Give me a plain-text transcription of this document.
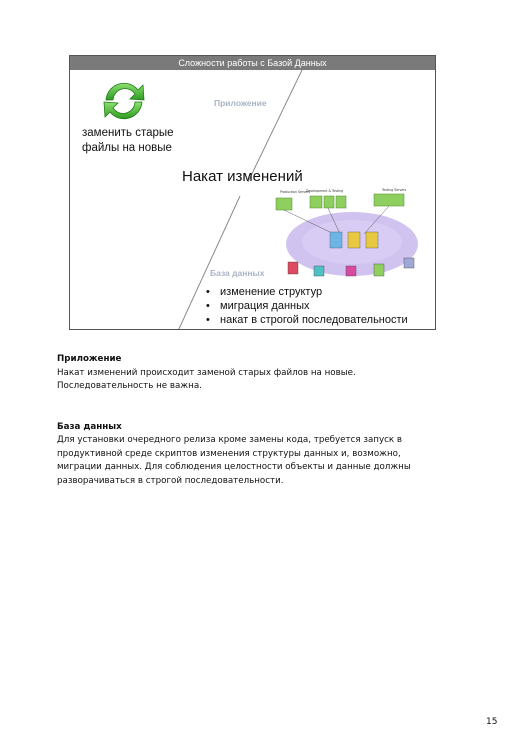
Сложности работы с Базой Данных
заменить старые
файлы на новые
Приложение
База данных
Накат изменений
Production Servers
Development & Testing	Testing Servers
• изменение структур
• миграция данных
• накат в строгой последовательности
Приложение
Накат изменений происходит заменой старых файлов на новые.
Последовательность не важна.
База данных
Для установки очередного релиза кроме замены кода, требуется запуск в
продуктивной среде скриптов изменения структуры данных и, возможно,
миграции данных. Для соблюдения целостности объекты и данные должны
разворачиваться в строгой последовательности.
15
